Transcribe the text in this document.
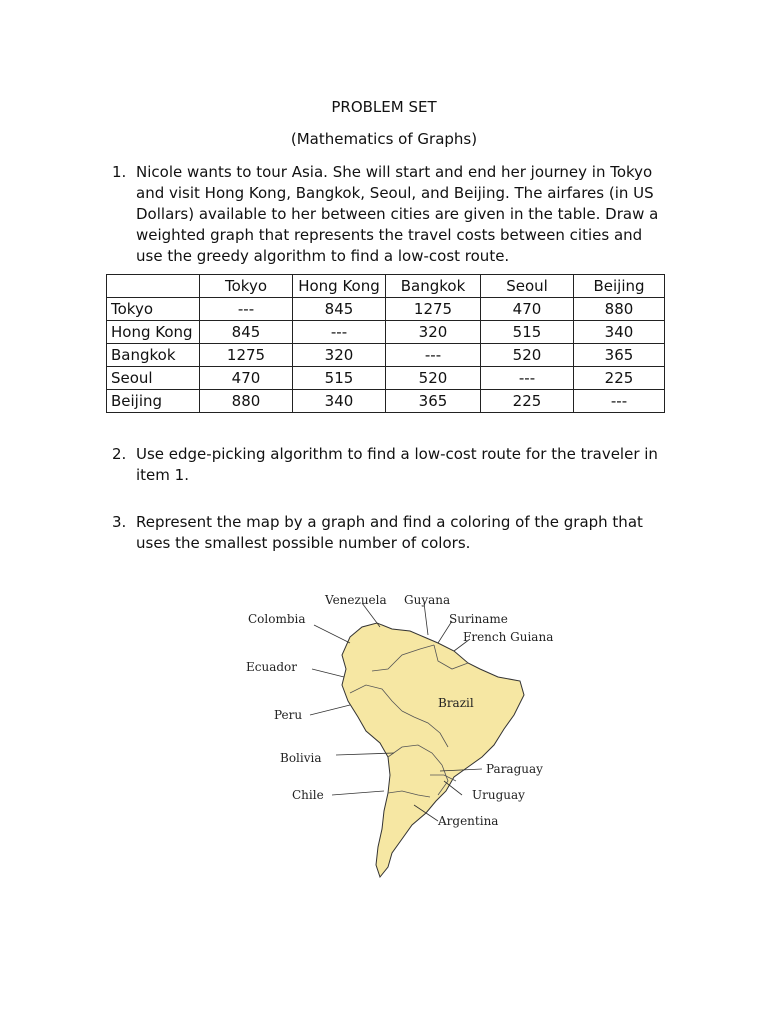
PROBLEM SET
(Mathematics of Graphs)
1. Nicole wants to tour Asia. She will start and end her journey in Tokyo and visit Hong Kong, Bangkok, Seoul, and Beijing. The airfares (in US Dollars) available to her between cities are given in the table. Draw a weighted graph that represents the travel costs between cities and use the greedy algorithm to find a low-cost route.
	Tokyo	Hong Kong	Bangkok	Seoul	Beijing
Tokyo	---	845	1275	470	880
Hong Kong	845	---	320	515	340
Bangkok	1275	320	---	520	365
Seoul	470	515	520	---	225
Beijing	880	340	365	225	---
2. Use edge-picking algorithm to find a low-cost route for the traveler in item 1.
3. Represent the map by a graph and find a coloring of the graph that uses the smallest possible number of colors.
Venezuela Guyana
Suriname
French Guiana
Colombia
Ecuador
Brazil
Peru
Bolivia
Paraguay
Chile	Uruguay
Argentina
